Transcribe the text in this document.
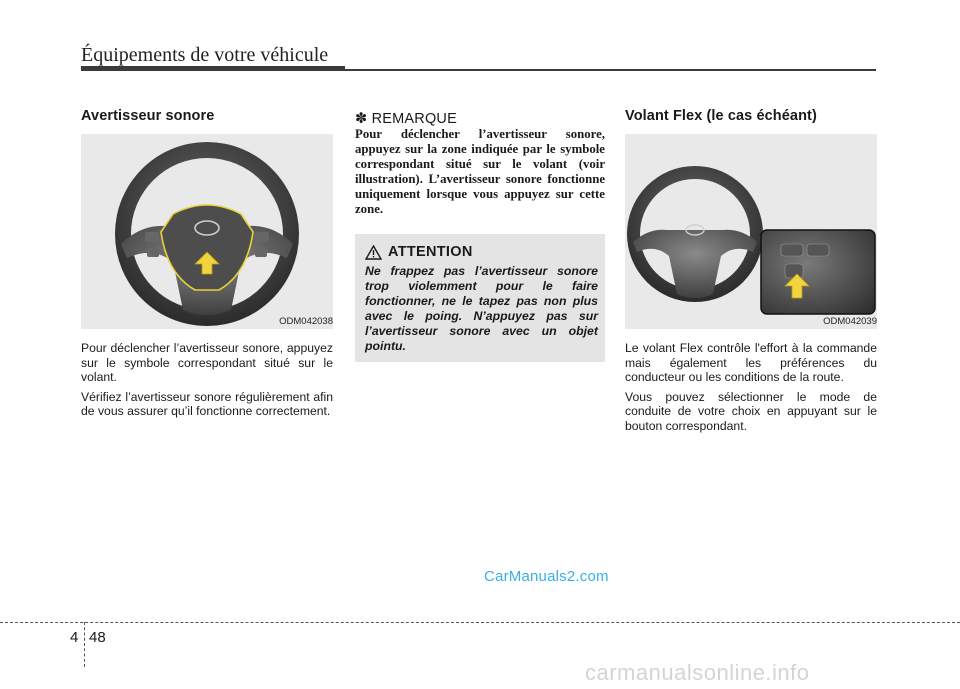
Équipements de votre véhicule
Avertisseur sonore
ODM042038

Pour déclencher l’avertisseur sonore, appuyez sur le symbole correspondant situé sur le volant.

Vérifiez l’avertisseur sonore régulièrement afin de vous assurer qu’il fonctionne correctement.

✽ REMARQUE

Pour déclencher l’avertisseur sonore, appuyez sur la zone indiquée par le symbole correspondant situé sur le volant (voir illustration). L’avertisseur sonore fonctionne uniquement lorsque vous appuyez sur cette zone.

ATTENTION

Ne frappez pas l’avertisseur sonore trop violemment pour le faire fonctionner, ne le tapez pas non plus avec le poing. N’appuyez pas sur l’avertisseur sonore avec un objet pointu.

Volant Flex (le cas échéant)
ODM042039

Le volant Flex contrôle l'effort à la commande mais également les préférences du conducteur ou les conditions de la route.

Vous pouvez sélectionner le mode de conduite de votre choix en appuyant sur le bouton correspondant.

CarManuals2.com
4 48
carmanualsonline.info
